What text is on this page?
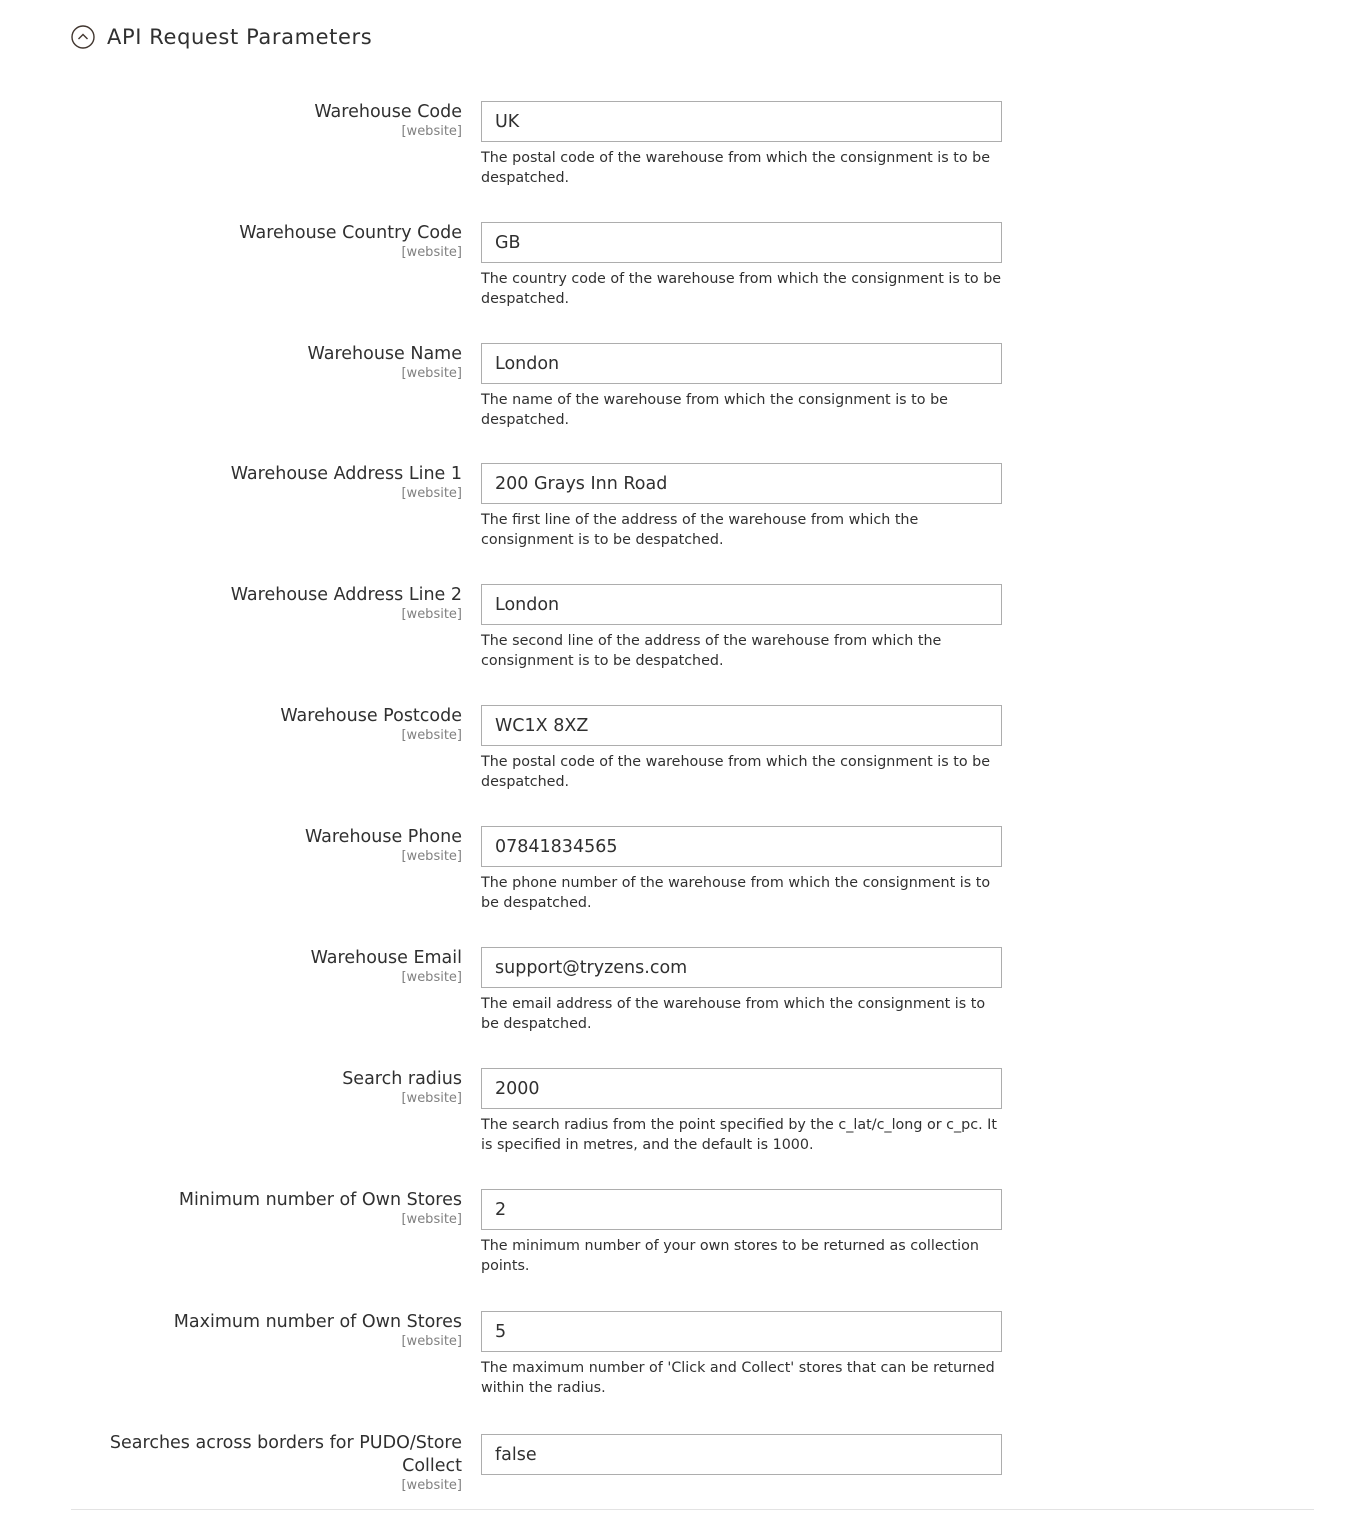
API Request Parameters
Warehouse Code
[website]
UK
The postal code of the warehouse from which the consignment is to be despatched.
Warehouse Country Code
[website]
GB
The country code of the warehouse from which the consignment is to be despatched.
Warehouse Name
[website]
London
The name of the warehouse from which the consignment is to be despatched.
Warehouse Address Line 1
[website]
200 Grays Inn Road
The first line of the address of the warehouse from which the consignment is to be despatched.
Warehouse Address Line 2
[website]
London
The second line of the address of the warehouse from which the consignment is to be despatched.
Warehouse Postcode
[website]
WC1X 8XZ
The postal code of the warehouse from which the consignment is to be despatched.
Warehouse Phone
[website]
07841834565
The phone number of the warehouse from which the consignment is to be despatched.
Warehouse Email
[website]
support@tryzens.com
The email address of the warehouse from which the consignment is to be despatched.
Search radius
[website]
2000
The search radius from the point specified by the c_lat/c_long or c_pc. It is specified in metres, and the default is 1000.
Minimum number of Own Stores
[website]
2
The minimum number of your own stores to be returned as collection points.
Maximum number of Own Stores
[website]
5
The maximum number of 'Click and Collect' stores that can be returned within the radius.
Searches across borders for PUDO/Store Collect
[website]
false
